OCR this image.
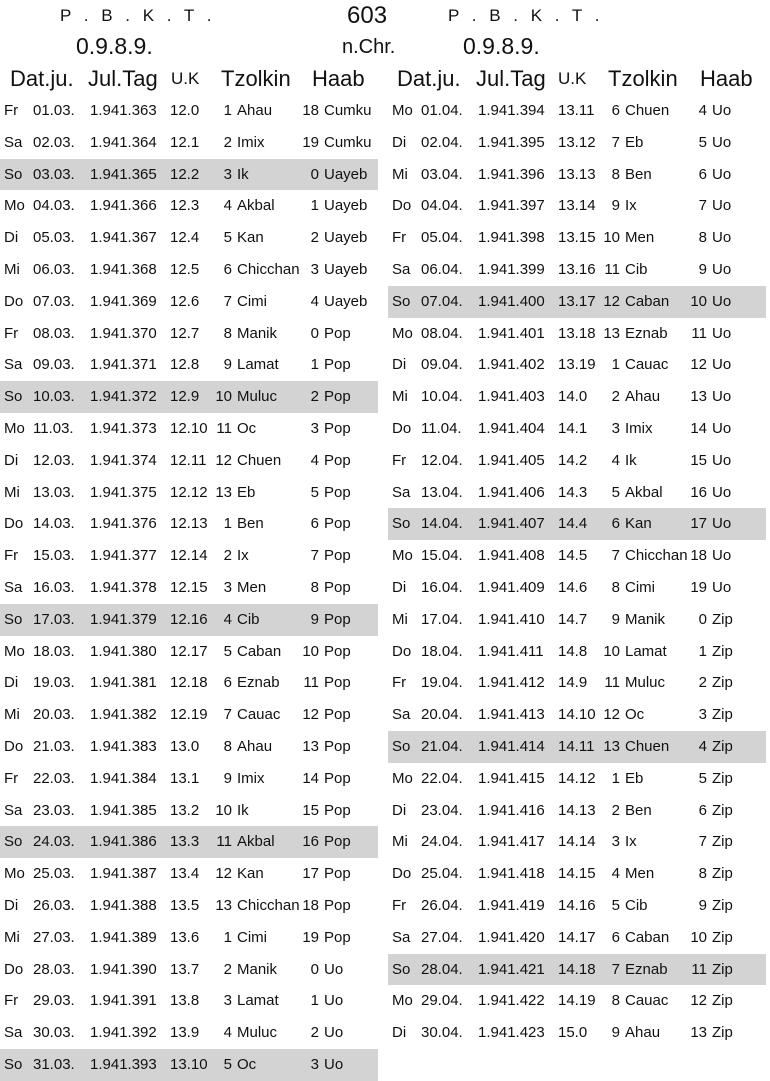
P . B . K . T .
0.9.8.9.
603
n.Chr.
P . B . K . T .
0.9.8.9.
Dat.ju. Jul.Tag U.K Tzolkin Haab Dat.ju. Jul.Tag U.K Tzolkin Haab
Fr 01.03. 1.941.363 12.0 1 Ahau 18 Cumku
Sa 02.03. 1.941.364 12.1 2 Imix	19 Cumku
So 03.03. 1.941.365 12.2 3 Ik	0 Uayeb
Mo 04.03. 1.941.366 12.3 4 Akbal 1 Uayeb
Di 05.03. 1.941.367 12.4 5 Kan	2 Uayeb
Mi 06.03. 1.941.368 12.5 6 Chicchan 3 Uayeb
Do 07.03. 1.941.369 12.6 7 Cimi	4 Uayeb
Fr 08.03. 1.941.370 12.7 8 Manik 0 Pop
Sa 09.03. 1.941.371 12.8 9 Lamat 1 Pop
So 10.03. 1.941.372 12.9 10 Muluc 2 Pop
Mo 11.03. 1.941.373 12.10 11 Oc	3 Pop
Di 12.03. 1.941.374 12.11 12 Chuen 4 Pop
Mi 13.03. 1.941.375 12.12 13 Eb	5 Pop
Do 14.03. 1.941.376 12.13 1 Ben	6 Pop
Fr 15.03. 1.941.377 12.14 2 Ix	7 Pop
Sa 16.03. 1.941.378 12.15 3 Men	8 Pop
So 17.03. 1.941.379 12.16 4 Cib	9 Pop
Mo 18.03. 1.941.380 12.17 5 Caban 10 Pop
Di 19.03. 1.941.381 12.18 6 Eznab 11 Pop
Mi 20.03. 1.941.382 12.19 7 Cauac 12 Pop
Do 21.03. 1.941.383 13.0 8 Ahau 13 Pop
Fr 22.03. 1.941.384 13.1 9 Imix	14 Pop
Sa 23.03. 1.941.385 13.2 10 Ik	15 Pop
So 24.03. 1.941.386 13.3 11 Akbal 16 Pop
Mo 25.03. 1.941.387 13.4 12 Kan	17 Pop
Di 26.03. 1.941.388 13.5 13 Chicchan 18 Pop
Mi 27.03. 1.941.389 13.6 1 Cimi 19 Pop
Do 28.03. 1.941.390 13.7 2 Manik 0 Uo
Fr 29.03. 1.941.391 13.8 3 Lamat 1 Uo
Sa 30.03. 1.941.392 13.9 4 Muluc 2 Uo
So 31.03. 1.941.393 13.10 5 Oc	3 Uo
Mo 01.04. 1.941.394 13.11 6 Chuen 4 Uo
Di 02.04. 1.941.395 13.12 7 Eb	5 Uo
Mi 03.04. 1.941.396 13.13 8 Ben	6 Uo
Do 04.04. 1.941.397 13.14 9 Ix	7 Uo
Fr 05.04. 1.941.398 13.15 10 Men	8 Uo
Sa 06.04. 1.941.399 13.16 11 Cib	9 Uo
So 07.04. 1.941.400 13.17 12 Caban 10 Uo
Mo 08.04. 1.941.401 13.18 13 Eznab 11 Uo
Di 09.04. 1.941.402 13.19 1 Cauac 12 Uo
Mi 10.04. 1.941.403 14.0 2 Ahau 13 Uo
Do 11.04. 1.941.404 14.1 3 Imix	14 Uo
Fr 12.04. 1.941.405 14.2 4 Ik	15 Uo
Sa 13.04. 1.941.406 14.3 5 Akbal 16 Uo
So 14.04. 1.941.407 14.4 6 Kan	17 Uo
Mo 15.04. 1.941.408 14.5 7 Chicchan 18 Uo
Di 16.04. 1.941.409 14.6 8 Cimi 19 Uo
Mi 17.04. 1.941.410 14.7 9 Manik 0 Zip
Do 18.04. 1.941.411 14.8 10 Lamat 1 Zip
Fr 19.04. 1.941.412 14.9 11 Muluc 2 Zip
Sa 20.04. 1.941.413 14.10 12 Oc	3 Zip
So 21.04. 1.941.414 14.11 13 Chuen 4 Zip
Mo 22.04. 1.941.415 14.12 1 Eb	5 Zip
Di 23.04. 1.941.416 14.13 2 Ben	6 Zip
Mi 24.04. 1.941.417 14.14 3 Ix	7 Zip
Do 25.04. 1.941.418 14.15 4 Men	8 Zip
Fr 26.04. 1.941.419 14.16 5 Cib	9 Zip
Sa 27.04. 1.941.420 14.17 6 Caban 10 Zip
So 28.04. 1.941.421 14.18 7 Eznab 11 Zip
Mo 29.04. 1.941.422 14.19 8 Cauac 12 Zip
Di 30.04. 1.941.423 15.0 9 Ahau 13 Zip
